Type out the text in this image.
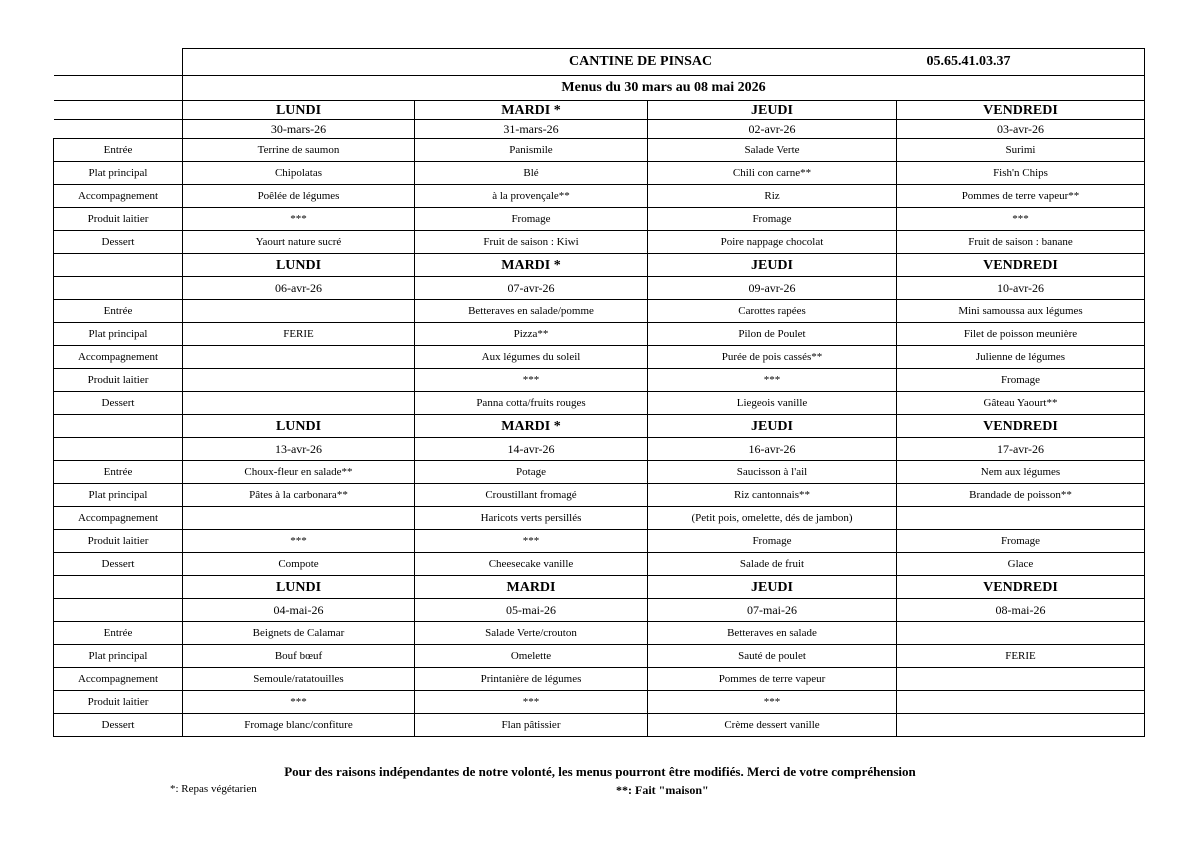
	CANTINE DE PINSAC			05.65.41.03.37
	Menus du 30 mars au 08 mai 2026			
	LUNDI	MARDI *	JEUDI	VENDREDI
	30-mars-26	31-mars-26	02-avr-26	03-avr-26
Entrée	Terrine de saumon	Panismile	Salade Verte	Surimi
Plat principal	Chipolatas	Blé	Chili con carne**	Fish'n Chips
Accompagnement	Poêlée de légumes	à la provençale**	Riz	Pommes de terre vapeur**
Produit laitier	***	Fromage	Fromage	***
Dessert	Yaourt nature sucré	Fruit de saison : Kiwi	Poire nappage chocolat	Fruit de saison : banane
	LUNDI	MARDI *	JEUDI	VENDREDI
	06-avr-26	07-avr-26	09-avr-26	10-avr-26
Entrée		Betteraves en salade/pomme	Carottes rapées	Mini samoussa aux légumes
Plat principal	FERIE	Pizza**	Pilon de Poulet	Filet de poisson meunière
Accompagnement		Aux légumes du soleil	Purée de pois cassés**	Julienne de légumes
Produit laitier		***	***	Fromage
Dessert		Panna cotta/fruits rouges	Liegeois vanille	Gâteau Yaourt**
	LUNDI	MARDI *	JEUDI	VENDREDI
	13-avr-26	14-avr-26	16-avr-26	17-avr-26
Entrée	Choux-fleur en salade**	Potage	Saucisson à l'ail	Nem aux légumes
Plat principal	Pâtes à la carbonara**	Croustillant fromagé	Riz cantonnais**	Brandade de poisson**
Accompagnement		Haricots verts persillés	(Petit pois, omelette, dés de jambon)	
Produit laitier	***	***	Fromage	Fromage
Dessert	Compote	Cheesecake vanille	Salade de fruit	Glace
	LUNDI	MARDI	JEUDI	VENDREDI
	04-mai-26	05-mai-26	07-mai-26	08-mai-26
Entrée	Beignets de Calamar	Salade Verte/crouton	Betteraves en salade	
Plat principal	Bouf bœuf	Omelette	Sauté de poulet	FERIE
Accompagnement	Semoule/ratatouilles	Printanière de légumes	Pommes de terre vapeur	
Produit laitier	***	***	***	
Dessert	Fromage blanc/confiture	Flan pâtissier	Crème dessert vanille	
Pour des raisons indépendantes de notre volonté, les menus pourront être modifiés. Merci de votre compréhension
*: Repas végétarien	**: Fait "maison"
